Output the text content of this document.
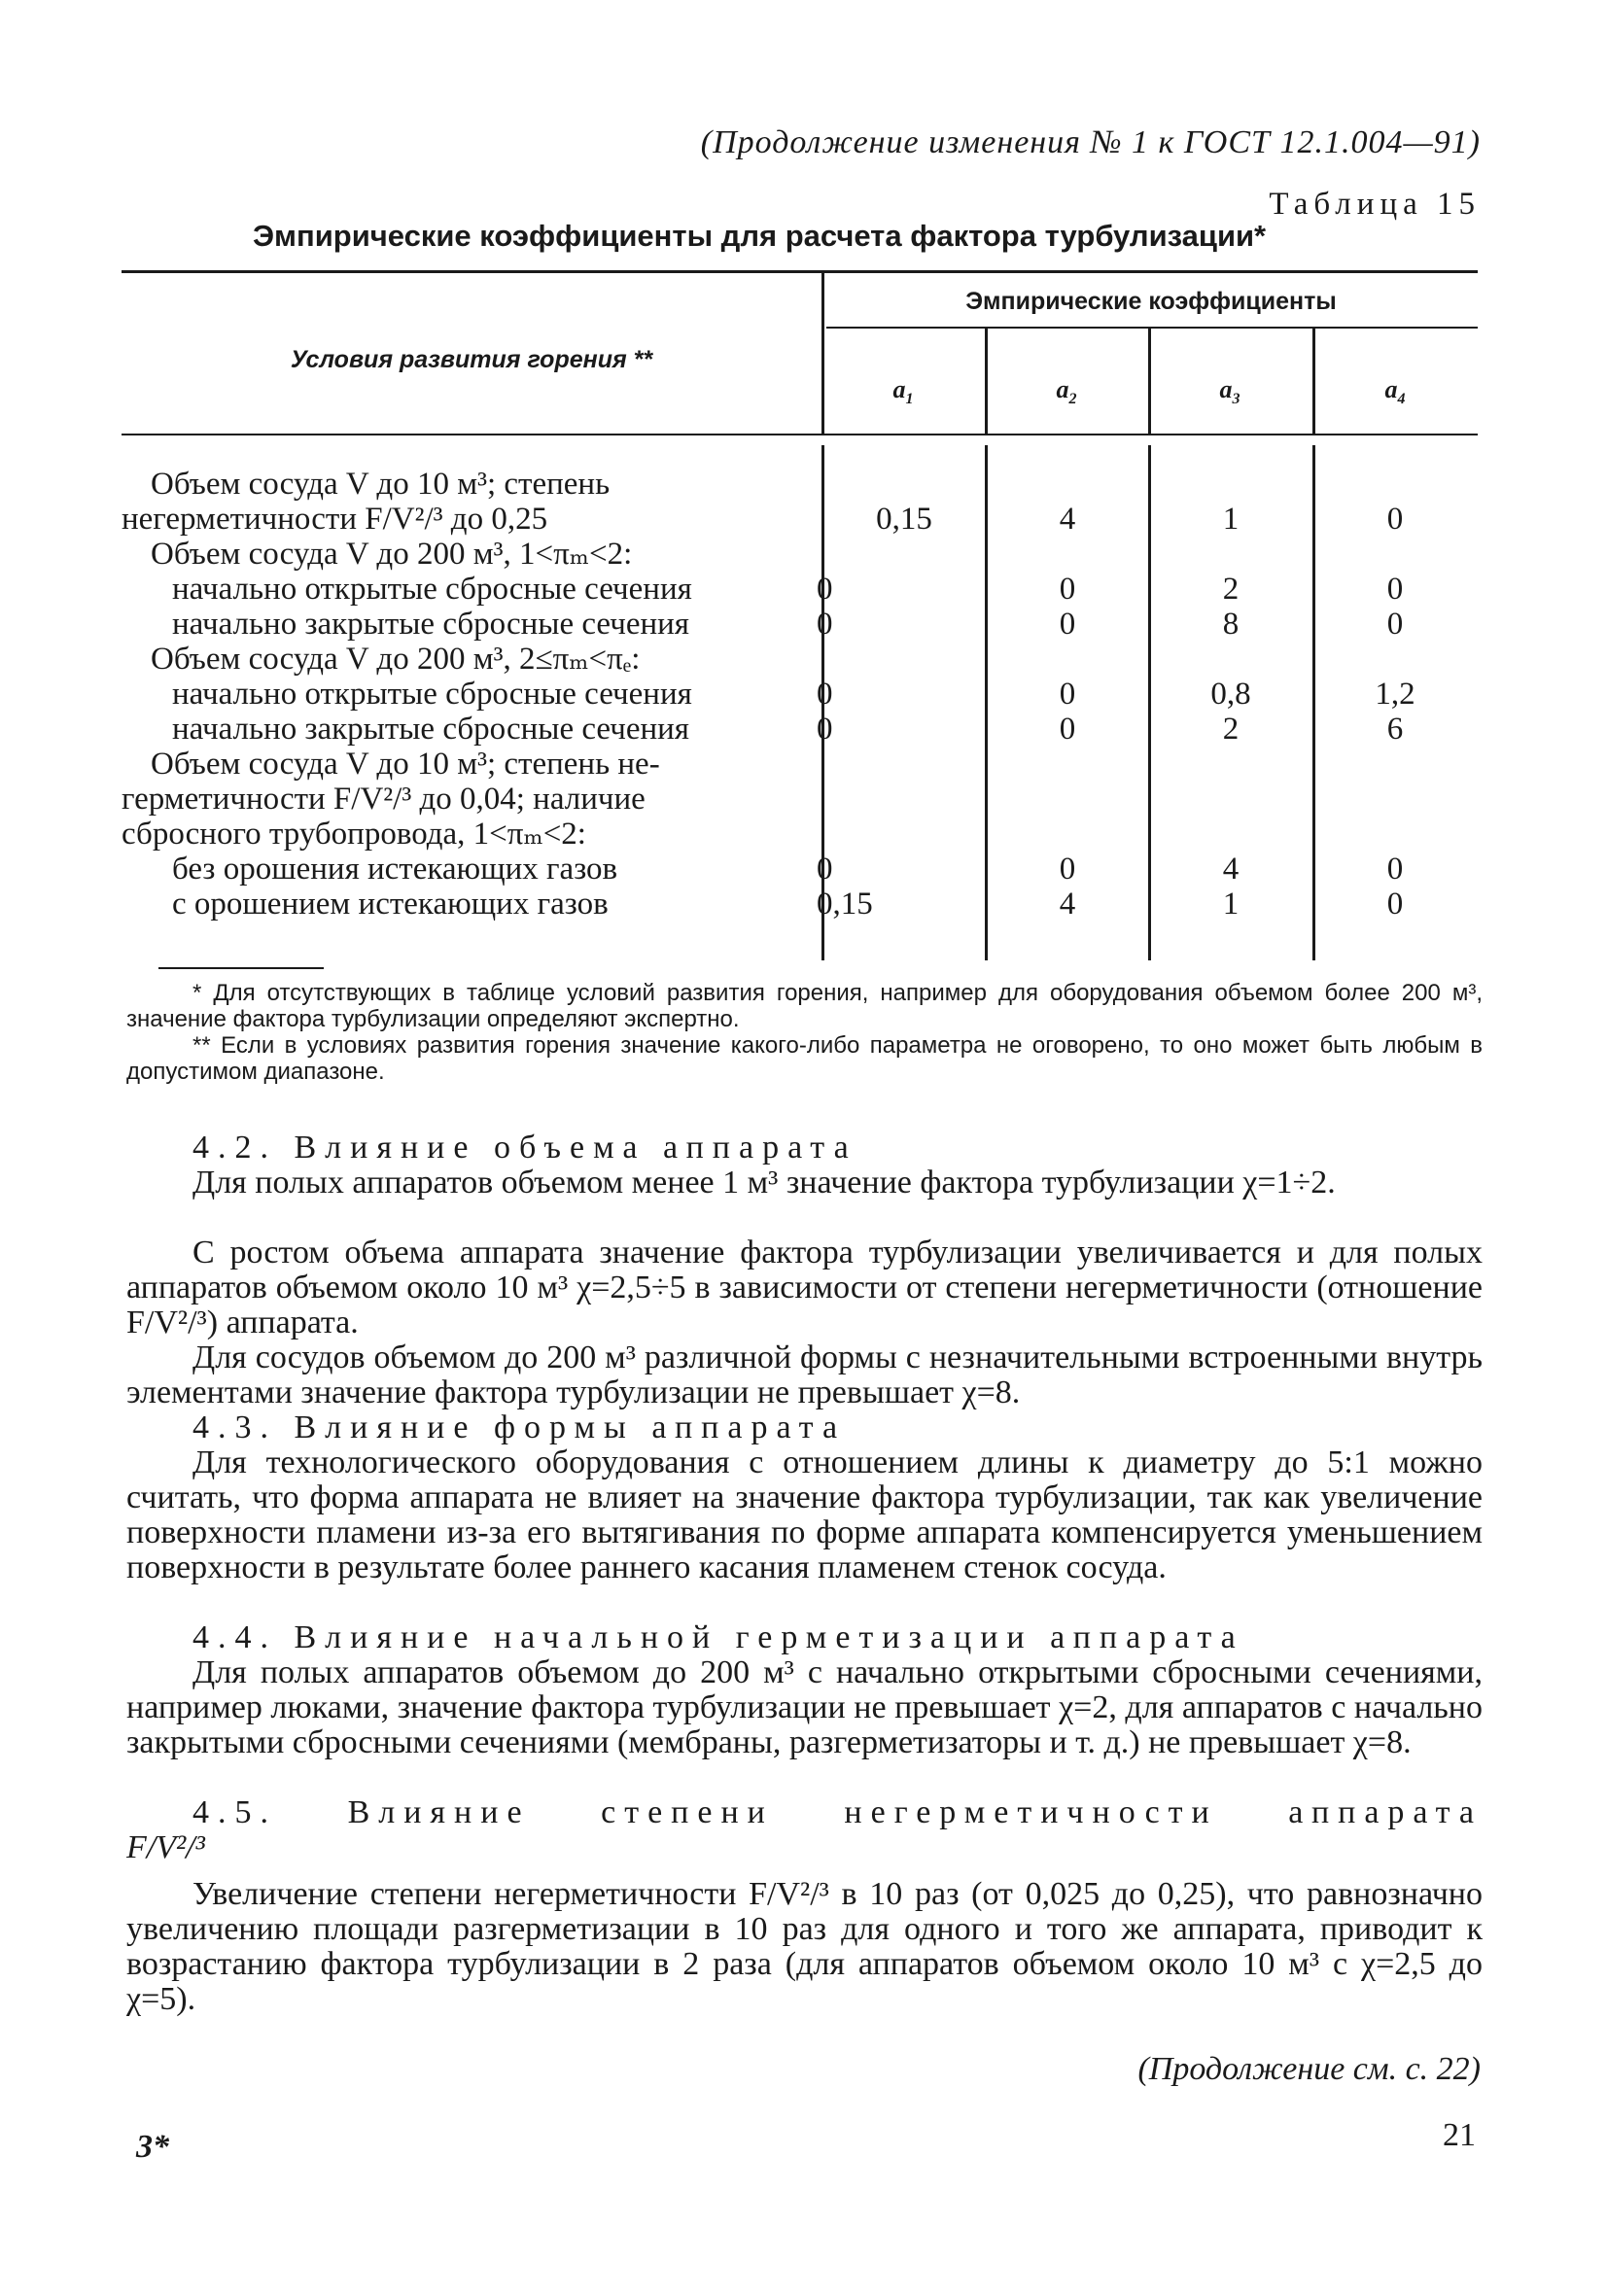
(Продолжение изменения № 1 к ГОСТ 12.1.004—91)
Таблица 15
Эмпирические коэффициенты для расчета фактора турбулизации*
Условия развития горения **
Эмпирические коэффициенты
$a_1$	$a_2$	$a_3$	$a_4$
Объем сосуда V до 10 м³; степень
негерметичности F/V²/³ до 0,25	0,15	4	1	0
Объем сосуда V до 200 м³, 1<πₘ<2:
начально открытые сбросные сечения	0	0	2	0
начально закрытые сбросные сечения	0	0	8	0
Объем сосуда V до 200 м³, 2≤πₘ<πₑ:
начально открытые сбросные сечения	0	0	0,8	1,2
начально закрытые сбросные сечения	0	0	2	6
Объем сосуда V до 10 м³; степень не-
герметичности F/V²/³ до 0,04; наличие
сбросного трубопровода, 1<πₘ<2:
без орошения истекающих газов	0	0	4	0
с орошением истекающих газов	0,15	4	1	0
* Для отсутствующих в таблице условий развития горения, например для оборудования объемом более 200 м³, значение фактора турбулизации определяют экспертно.
** Если в условиях развития горения значение какого-либо параметра не оговорено, то оно может быть любым в допустимом диапазоне.
4.2. Влияние объема аппарата
Для полых аппаратов объемом менее 1 м³ значение фактора турбулизации χ=1÷2.
С ростом объема аппарата значение фактора турбулизации увеличивается и для полых аппаратов объемом около 10 м³ χ=2,5÷5 в зависимости от степени негерметичности (отношение F/V²/³) аппарата.
Для сосудов объемом до 200 м³ различной формы с незначительными встроенными внутрь элементами значение фактора турбулизации не превышает χ=8.
4.3. Влияние формы аппарата
Для технологического оборудования с отношением длины к диаметру до 5:1 можно считать, что форма аппарата не влияет на значение фактора турбулизации, так как увеличение поверхности пламени из-за его вытягивания по форме аппарата компенсируется уменьшением поверхности в результате более раннего касания пламенем стенок сосуда.
4.4. Влияние начальной герметизации аппарата
Для полых аппаратов объемом до 200 м³ с начально открытыми сбросными сечениями, например люками, значение фактора турбулизации не превышает χ=2, для аппаратов с начально закрытыми сбросными сечениями (мембраны, разгерметизаторы и т. д.) не превышает χ=8.
4.5. Влияние степени негерметичности аппарата
F/V²/³
Увеличение степени негерметичности F/V²/³ в 10 раз (от 0,025 до 0,25), что равнозначно увеличению площади разгерметизации в 10 раз для одного и того же аппарата, приводит к возрастанию фактора турбулизации в 2 раза (для аппаратов объемом около 10 м³ с χ=2,5 до χ=5).
(Продолжение см. с. 22)
21
3*
